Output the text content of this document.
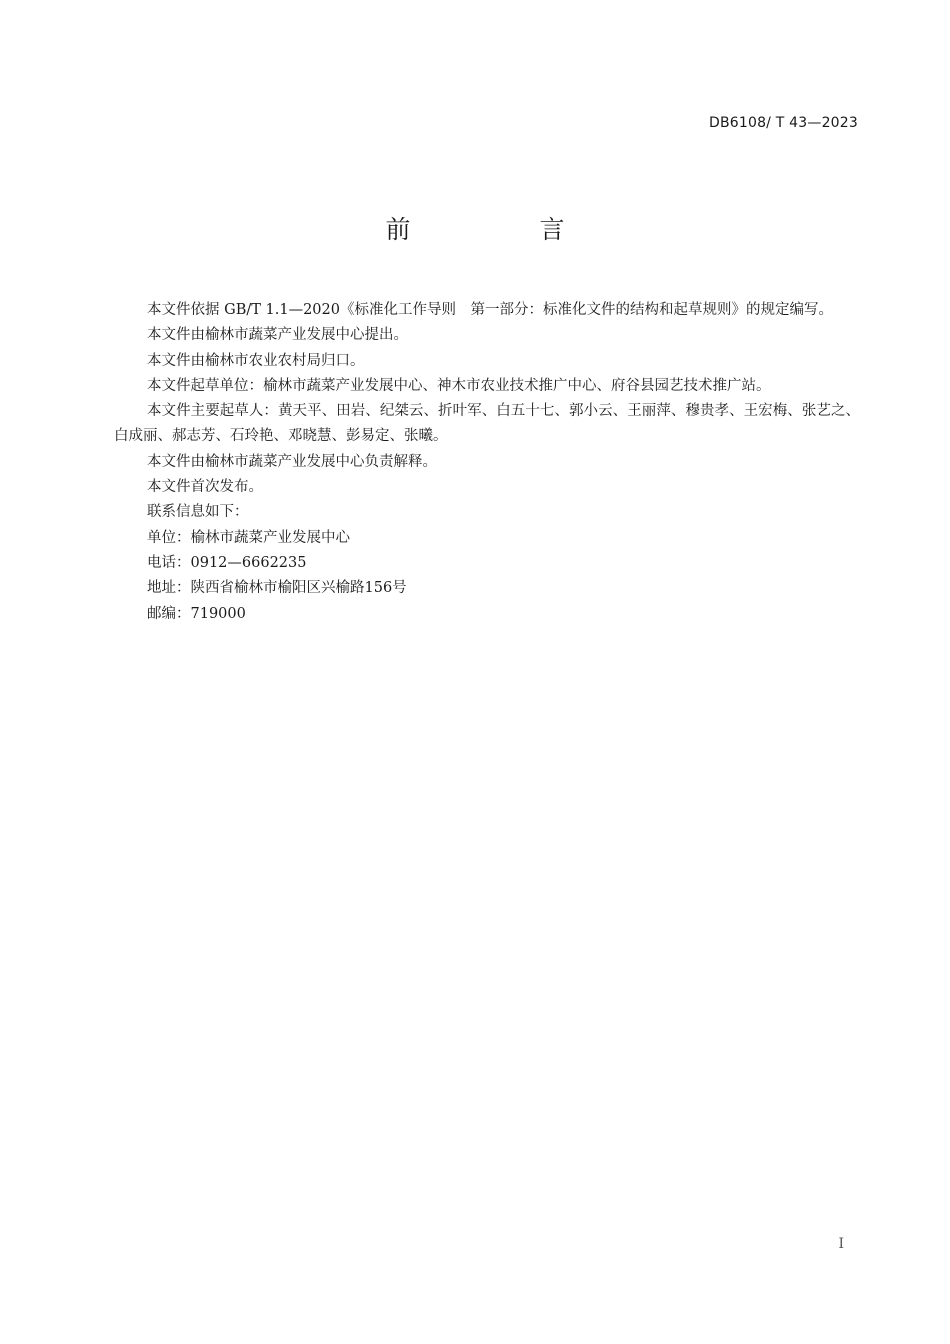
DB6108/ T 43—2023
前　言

本文件依据 GB/T 1.1—2020《标准化工作导则　第一部分：标准化文件的结构和起草规则》的规定编写。

本文件由榆林市蔬菜产业发展中心提出。

本文件由榆林市农业农村局归口。

本文件起草单位：榆林市蔬菜产业发展中心、神木市农业技术推广中心、府谷县园艺技术推广站。

本文件主要起草人：黄天平、田岩、纪桀云、折叶军、白五十七、郭小云、王丽萍、穆贵孝、王宏梅、张艺之、白成丽、郝志芳、石玲艳、邓晓慧、彭易定、张曦。

本文件由榆林市蔬菜产业发展中心负责解释。

本文件首次发布。

联系信息如下：

单位：榆林市蔬菜产业发展中心

电话：0912—6662235

地址：陕西省榆林市榆阳区兴榆路156号

邮编：719000

I
